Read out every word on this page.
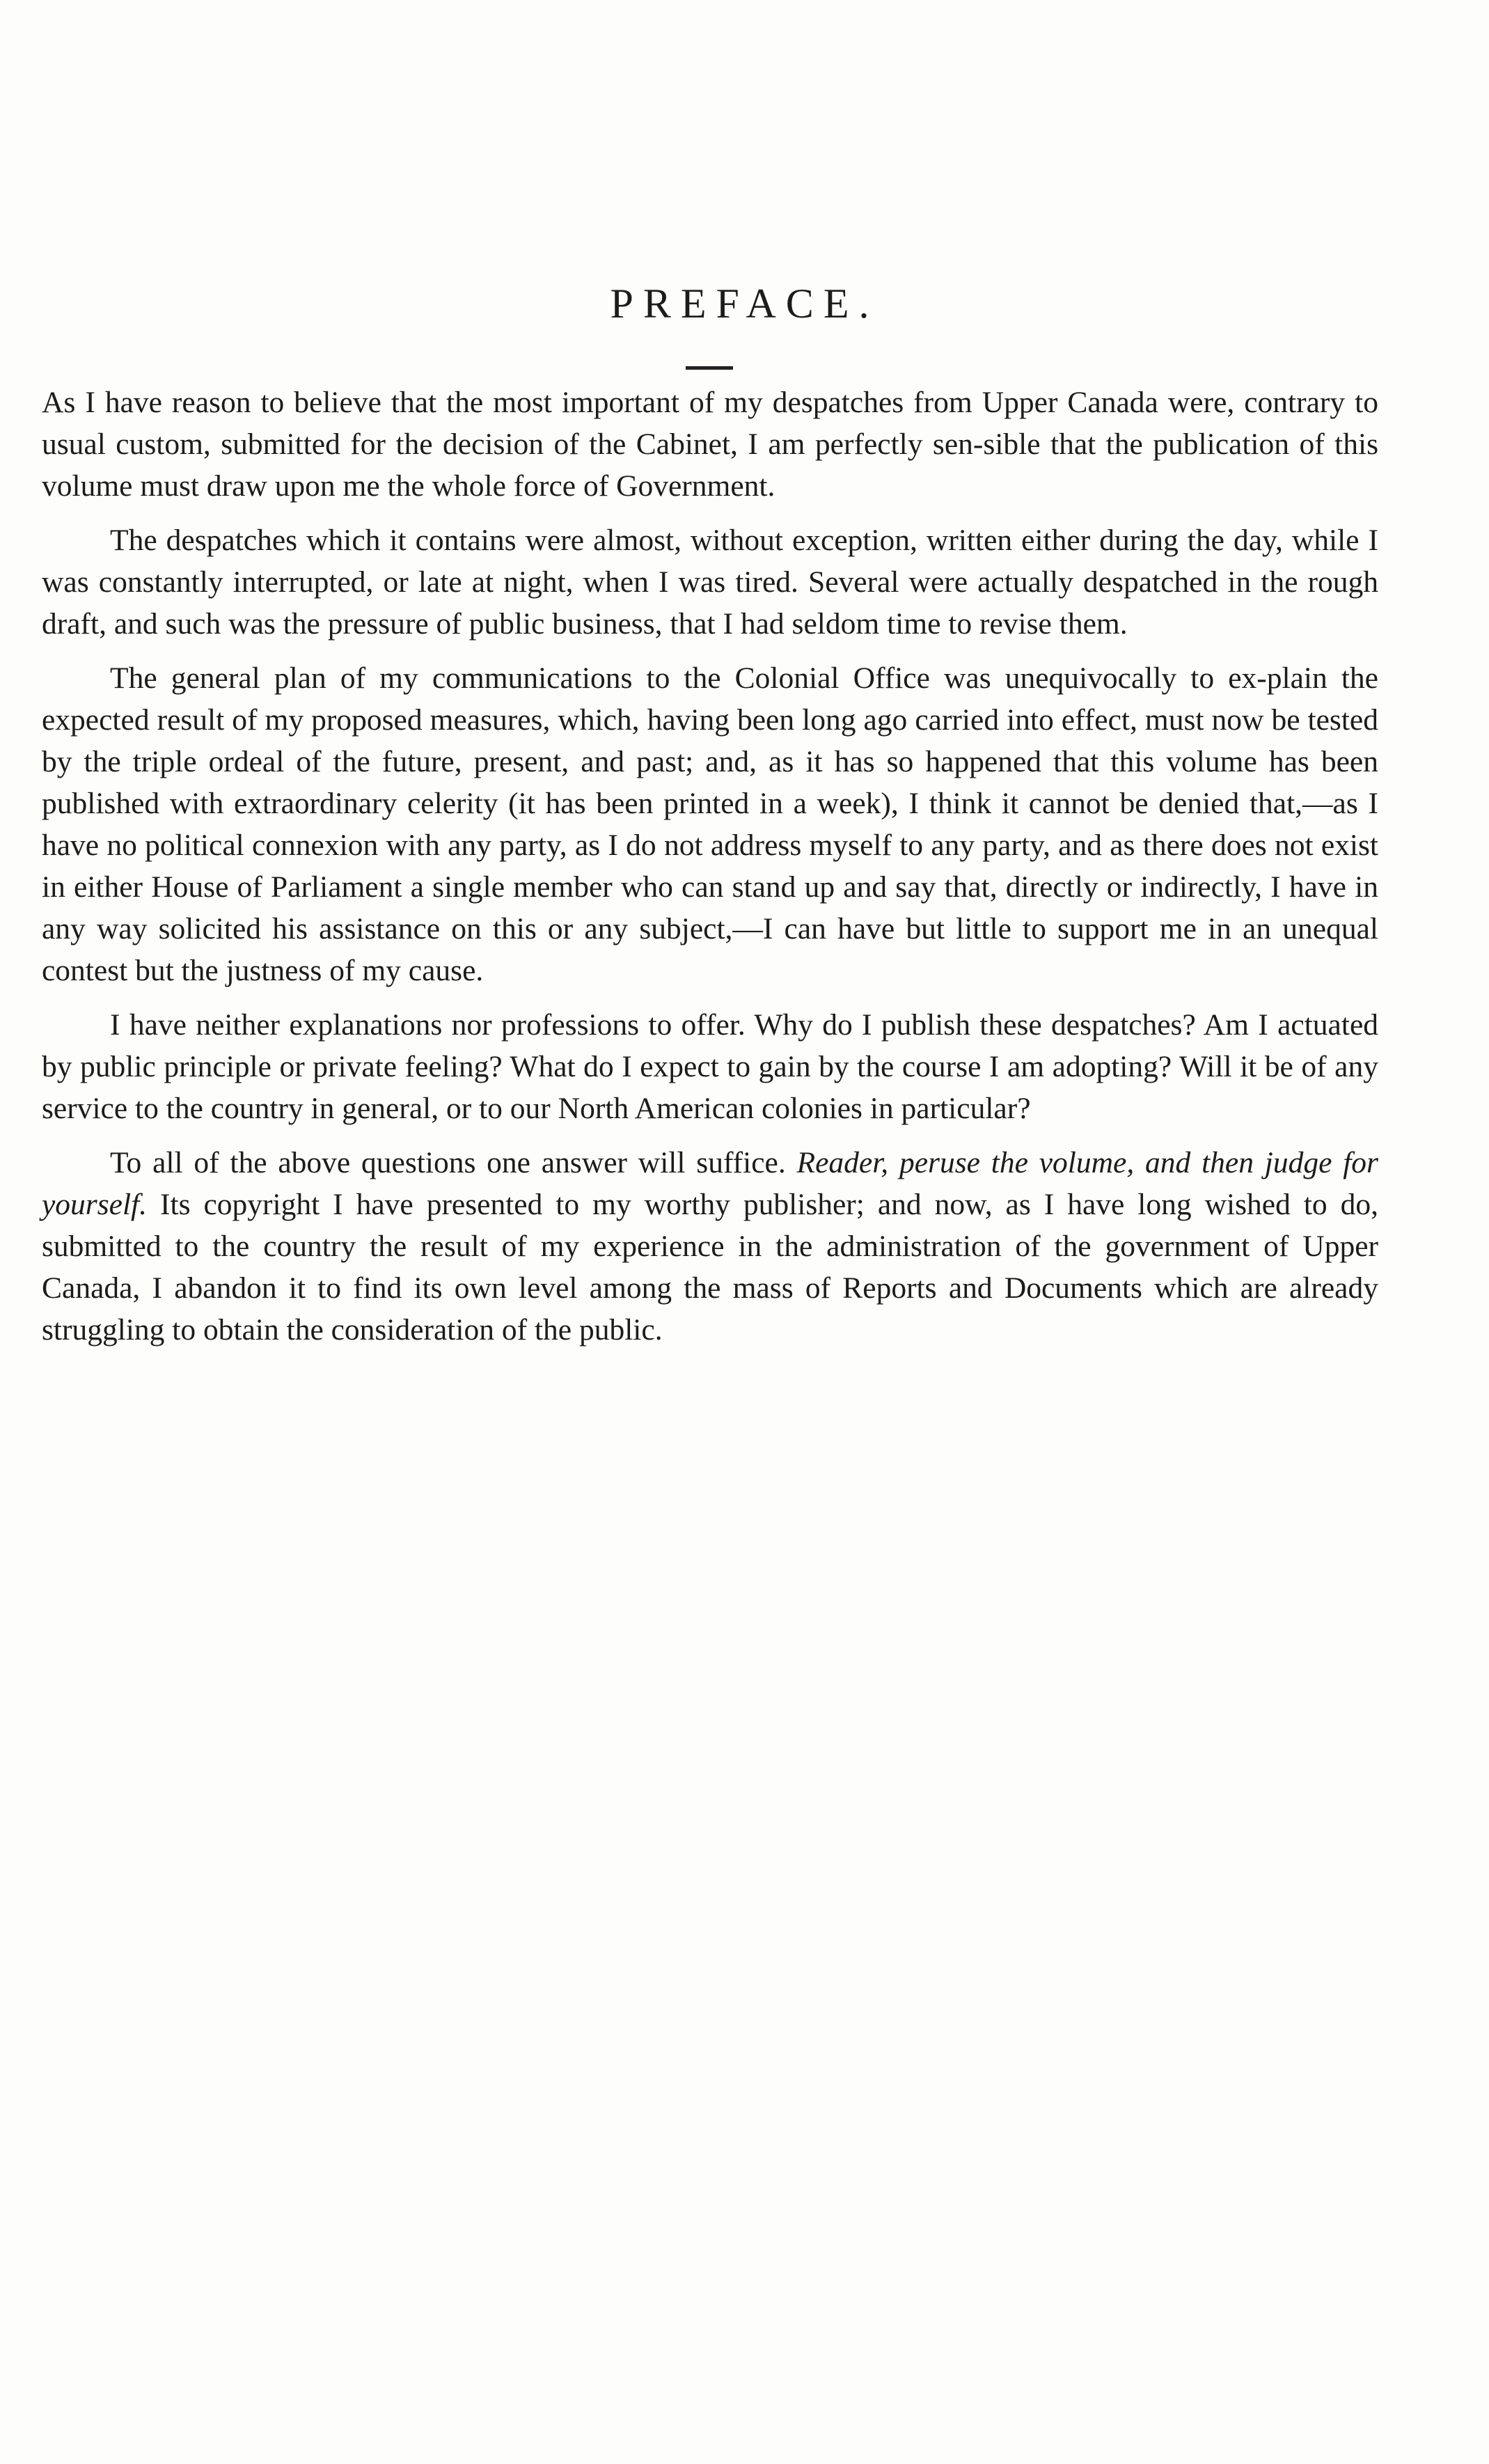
PREFACE.

As I have reason to believe that the most important of my despatches from Upper Canada were, contrary to usual custom, submitted for the decision of the Cabinet, I am perfectly sen-sible that the publication of this volume must draw upon me the whole force of Government.

The despatches which it contains were almost, without exception, written either during the day, while I was constantly interrupted, or late at night, when I was tired. Several were actually despatched in the rough draft, and such was the pressure of public business, that I had seldom time to revise them.

The general plan of my communications to the Colonial Office was unequivocally to ex-plain the expected result of my proposed measures, which, having been long ago carried into effect, must now be tested by the triple ordeal of the future, present, and past; and, as it has so happened that this volume has been published with extraordinary celerity (it has been printed in a week), I think it cannot be denied that,—as I have no political connexion with any party, as I do not address myself to any party, and as there does not exist in either House of Parliament a single member who can stand up and say that, directly or indirectly, I have in any way solicited his assistance on this or any subject,—I can have but little to support me in an unequal contest but the justness of my cause.

I have neither explanations nor professions to offer. Why do I publish these despatches? Am I actuated by public principle or private feeling? What do I expect to gain by the course I am adopting? Will it be of any service to the country in general, or to our North American colonies in particular?

To all of the above questions one answer will suffice. Reader, peruse the volume, and then judge for yourself. Its copyright I have presented to my worthy publisher; and now, as I have long wished to do, submitted to the country the result of my experience in the administration of the government of Upper Canada, I abandon it to find its own level among the mass of Reports and Documents which are already struggling to obtain the consideration of the public.
